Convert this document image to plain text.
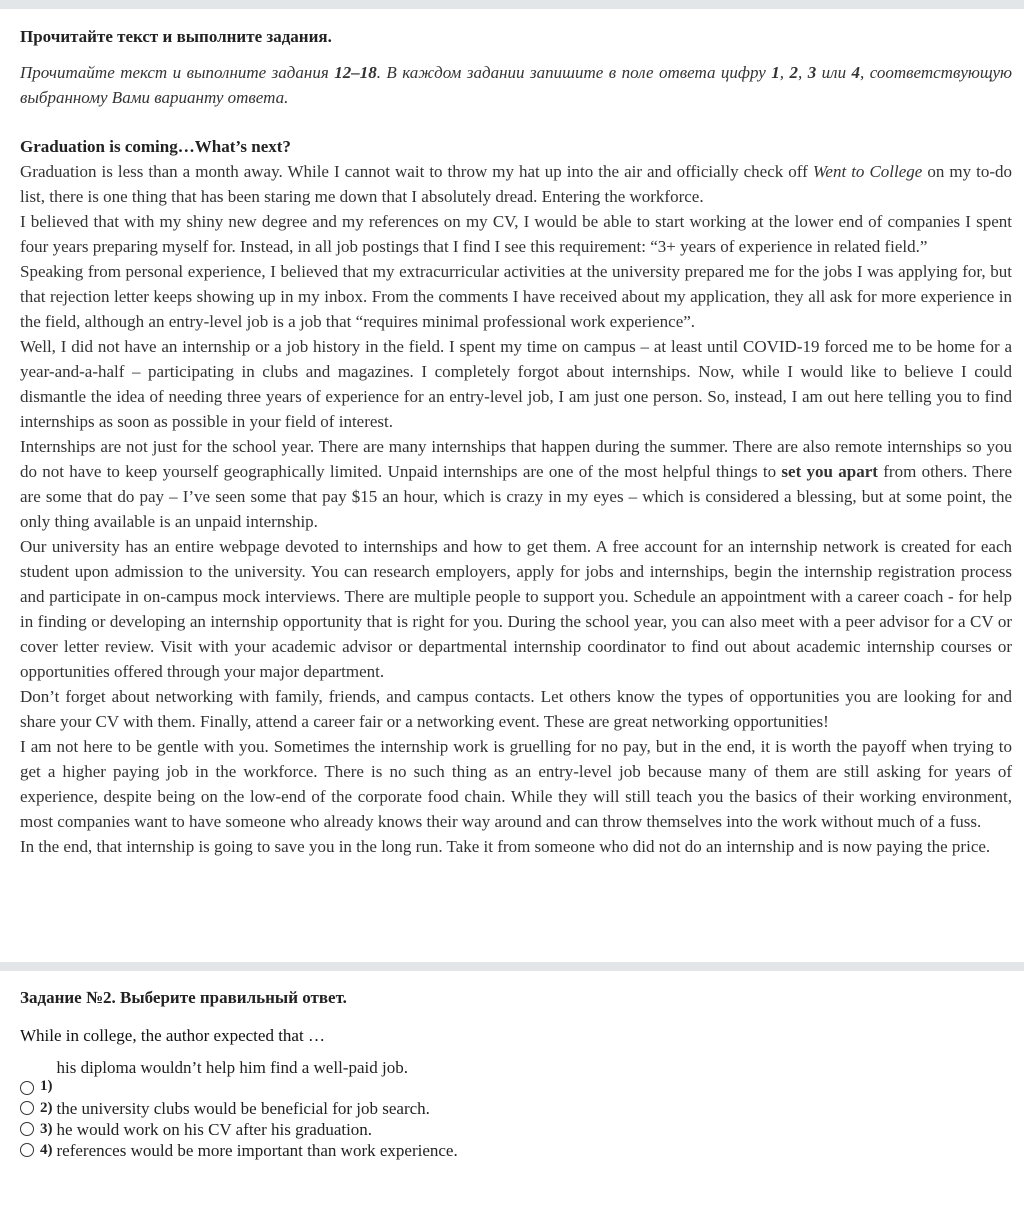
Прочитайте текст и выполните задания.

Прочитайте текст и выполните задания 12–18. В каждом задании запишите в поле ответа цифру 1, 2, 3 или 4, соответствующую выбранному Вами варианту ответа.

Graduation is coming…What’s next?

Graduation is less than a month away. While I cannot wait to throw my hat up into the air and officially check off Went to College on my to-do list, there is one thing that has been staring me down that I absolutely dread. Entering the workforce.

I believed that with my shiny new degree and my references on my CV, I would be able to start working at the lower end of companies I spent four years preparing myself for. Instead, in all job postings that I find I see this requirement: “3+ years of experience in related field.”

Speaking from personal experience, I believed that my extracurricular activities at the university prepared me for the jobs I was applying for, but that rejection letter keeps showing up in my inbox. From the comments I have received about my application, they all ask for more experience in the field, although an entry-level job is a job that “requires minimal professional work experience”.

Well, I did not have an internship or a job history in the field. I spent my time on campus – at least until COVID-19 forced me to be home for a year-and-a-half – participating in clubs and magazines. I completely forgot about internships. Now, while I would like to believe I could dismantle the idea of needing three years of experience for an entry-level job, I am just one person. So, instead, I am out here telling you to find internships as soon as possible in your field of interest.

Internships are not just for the school year. There are many internships that happen during the summer. There are also remote internships so you do not have to keep yourself geographically limited. Unpaid internships are one of the most helpful things to set you apart from others. There are some that do pay – I’ve seen some that pay $15 an hour, which is crazy in my eyes – which is considered a blessing, but at some point, the only thing available is an unpaid internship.

Our university has an entire webpage devoted to internships and how to get them. A free account for an internship network is created for each student upon admission to the university. You can research employers, apply for jobs and internships, begin the internship registration process and participate in on-campus mock interviews. There are multiple people to support you. Schedule an appointment with a career coach - for help in finding or developing an internship opportunity that is right for you. During the school year, you can also meet with a peer advisor for a CV or cover letter review. Visit with your academic advisor or departmental internship coordinator to find out about academic internship courses or opportunities offered through your major department.

Don’t forget about networking with family, friends, and campus contacts. Let others know the types of opportunities you are looking for and share your CV with them. Finally, attend a career fair or a networking event. These are great networking opportunities!

I am not here to be gentle with you. Sometimes the internship work is gruelling for no pay, but in the end, it is worth the payoff when trying to get a higher paying job in the workforce. There is no such thing as an entry-level job because many of them are still asking for years of experience, despite being on the low-end of the corporate food chain. While they will still teach you the basics of their working environment, most companies want to have someone who already knows their way around and can throw themselves into the work without much of a fuss.

In the end, that internship is going to save you in the long run. Take it from someone who did not do an internship and is now paying the price.

Задание №2. Выберите правильный ответ.

While in college, the author expected that …

1)
his diploma wouldn’t help him find a well-paid job.
2) the university clubs would be beneficial for job search.
3) he would work on his CV after his graduation.
4) references would be more important than work experience.
